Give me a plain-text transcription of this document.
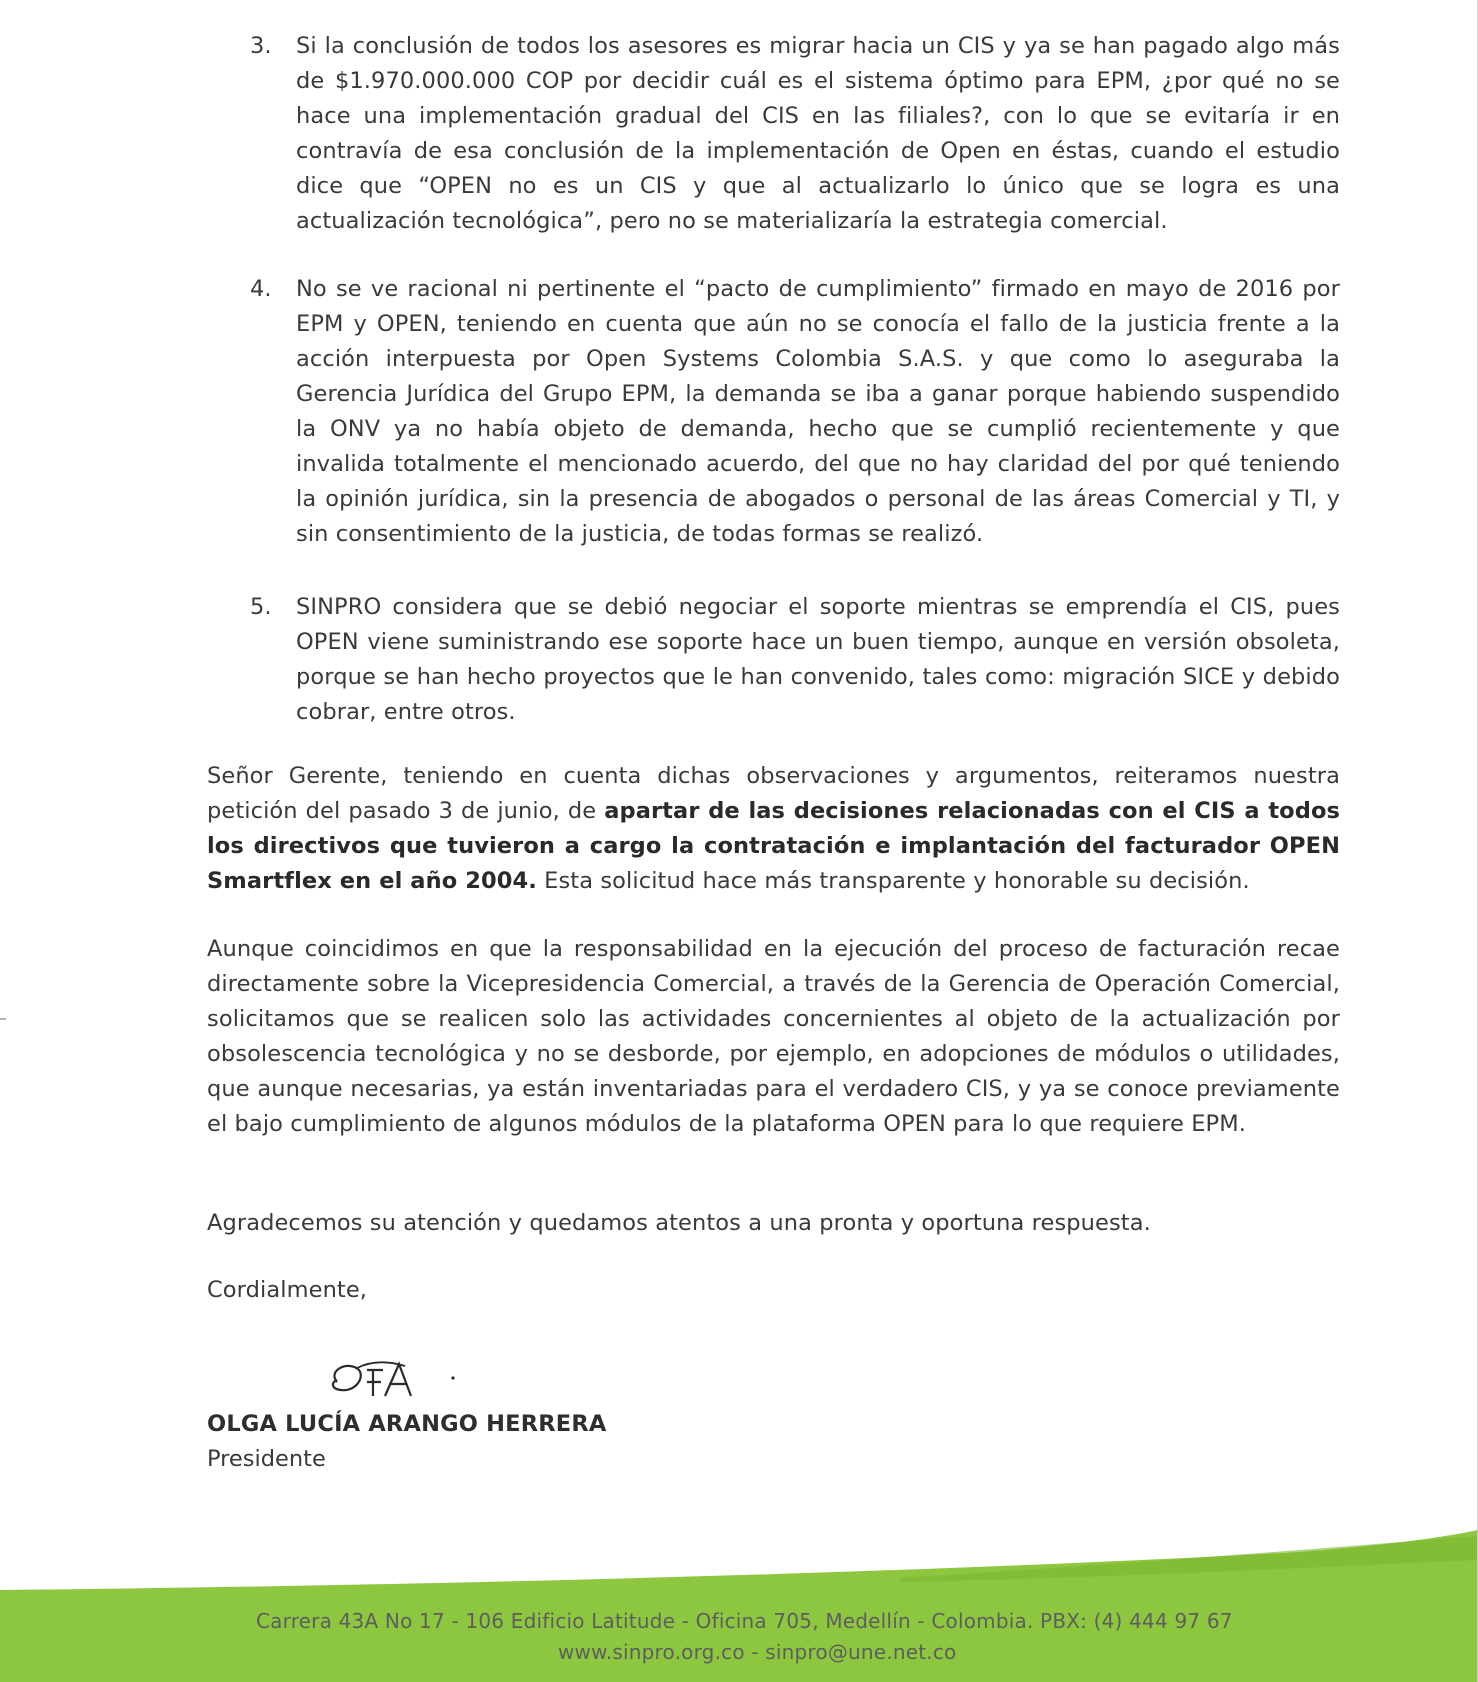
3.	Si la conclusión de todos los asesores es migrar hacia un CIS y ya se han pagado algo más de $1.970.000.000 COP por decidir cuál es el sistema óptimo para EPM, ¿por qué no se hace una implementación gradual del CIS en las filiales?, con lo que se evitaría ir en contravía de esa conclusión de la implementación de Open en éstas, cuando el estudio dice que “OPEN no es un CIS y que al actualizarlo lo único que se logra es una actualización tecnológica”, pero no se materializaría la estrategia comercial.
4.	No se ve racional ni pertinente el “pacto de cumplimiento” firmado en mayo de 2016 por EPM y OPEN, teniendo en cuenta que aún no se conocía el fallo de la justicia frente a la acción interpuesta por Open Systems Colombia S.A.S. y que como lo aseguraba la Gerencia Jurídica del Grupo EPM, la demanda se iba a ganar porque habiendo suspendido la ONV ya no había objeto de demanda, hecho que se cumplió recientemente y que invalida totalmente el mencionado acuerdo, del que no hay claridad del por qué teniendo la opinión jurídica, sin la presencia de abogados o personal de las áreas Comercial y TI, y sin consentimiento de la justicia, de todas formas se realizó.
5.	SINPRO considera que se debió negociar el soporte mientras se emprendía el CIS, pues OPEN viene suministrando ese soporte hace un buen tiempo, aunque en versión obsoleta, porque se han hecho proyectos que le han convenido, tales como: migración SICE y debido cobrar, entre otros.
Señor Gerente, teniendo en cuenta dichas observaciones y argumentos, reiteramos nuestra petición del pasado 3 de junio, de apartar de las decisiones relacionadas con el CIS a todos los directivos que tuvieron a cargo la contratación e implantación del facturador OPEN Smartflex en el año 2004. Esta solicitud hace más transparente y honorable su decisión.
Aunque coincidimos en que la responsabilidad en la ejecución del proceso de facturación recae directamente sobre la Vicepresidencia Comercial, a través de la Gerencia de Operación Comercial, solicitamos que se realicen solo las actividades concernientes al objeto de la actualización por obsolescencia tecnológica y no se desborde, por ejemplo, en adopciones de módulos o utilidades, que aunque necesarias, ya están inventariadas para el verdadero CIS, y ya se conoce previamente el bajo cumplimiento de algunos módulos de la plataforma OPEN para lo que requiere EPM.
Agradecemos su atención y quedamos atentos a una pronta y oportuna respuesta.
Cordialmente,
OLGA LUCÍA ARANGO HERRERA
Presidente
Carrera 43A No 17 - 106 Edificio Latitude - Oficina 705, Medellín - Colombia. PBX: (4) 444 97 67
www.sinpro.org.co - sinpro@une.net.co
